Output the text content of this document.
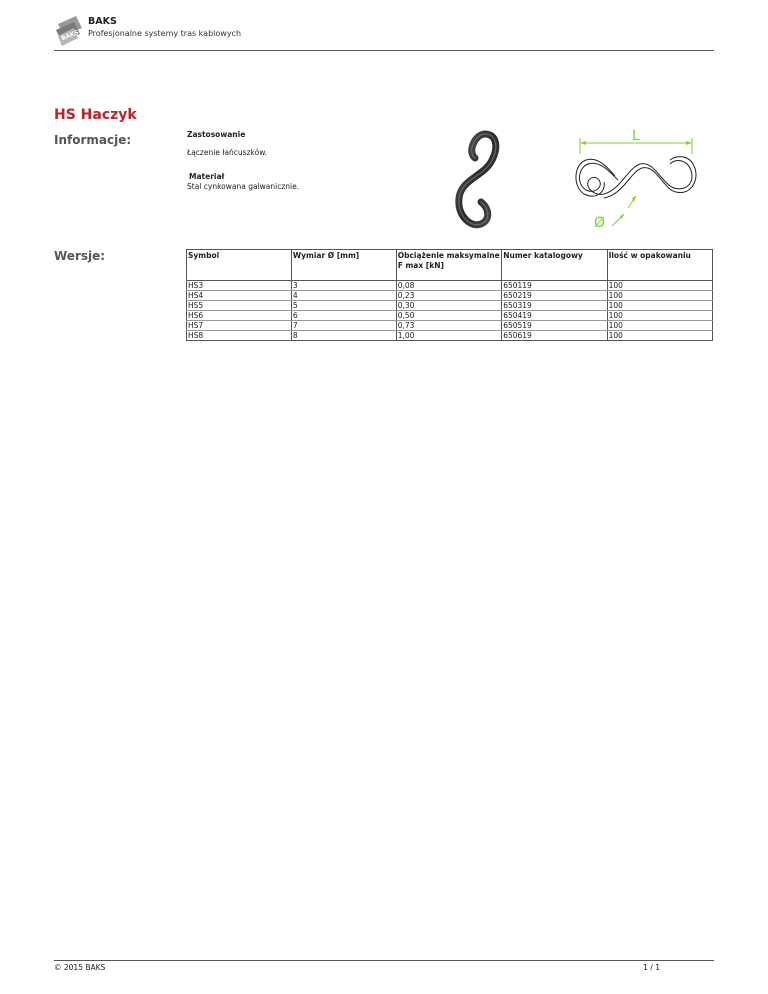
BAKS
BAKS
Profesjonalne systemy tras kablowych
HS Haczyk
Informacje:	Zastosowanie
Łączenie łańcuszków.
Materiał
Stal cynkowana galwanicznie.
L
Ø
Wersje:	Symbol	Wymiar Ø [mm]	Obciążenie maksymalne F max [kN]	Numer katalogowy	Ilość w opakowaniu
HS3	3	0,08	650119	100
HS4	4	0,23	650219	100
HS5	5	0,30	650319	100
HS6	6	0,50	650419	100
HS7	7	0,73	650519	100
HS8	8	1,00	650619	100
© 2015 BAKS	1 / 1
